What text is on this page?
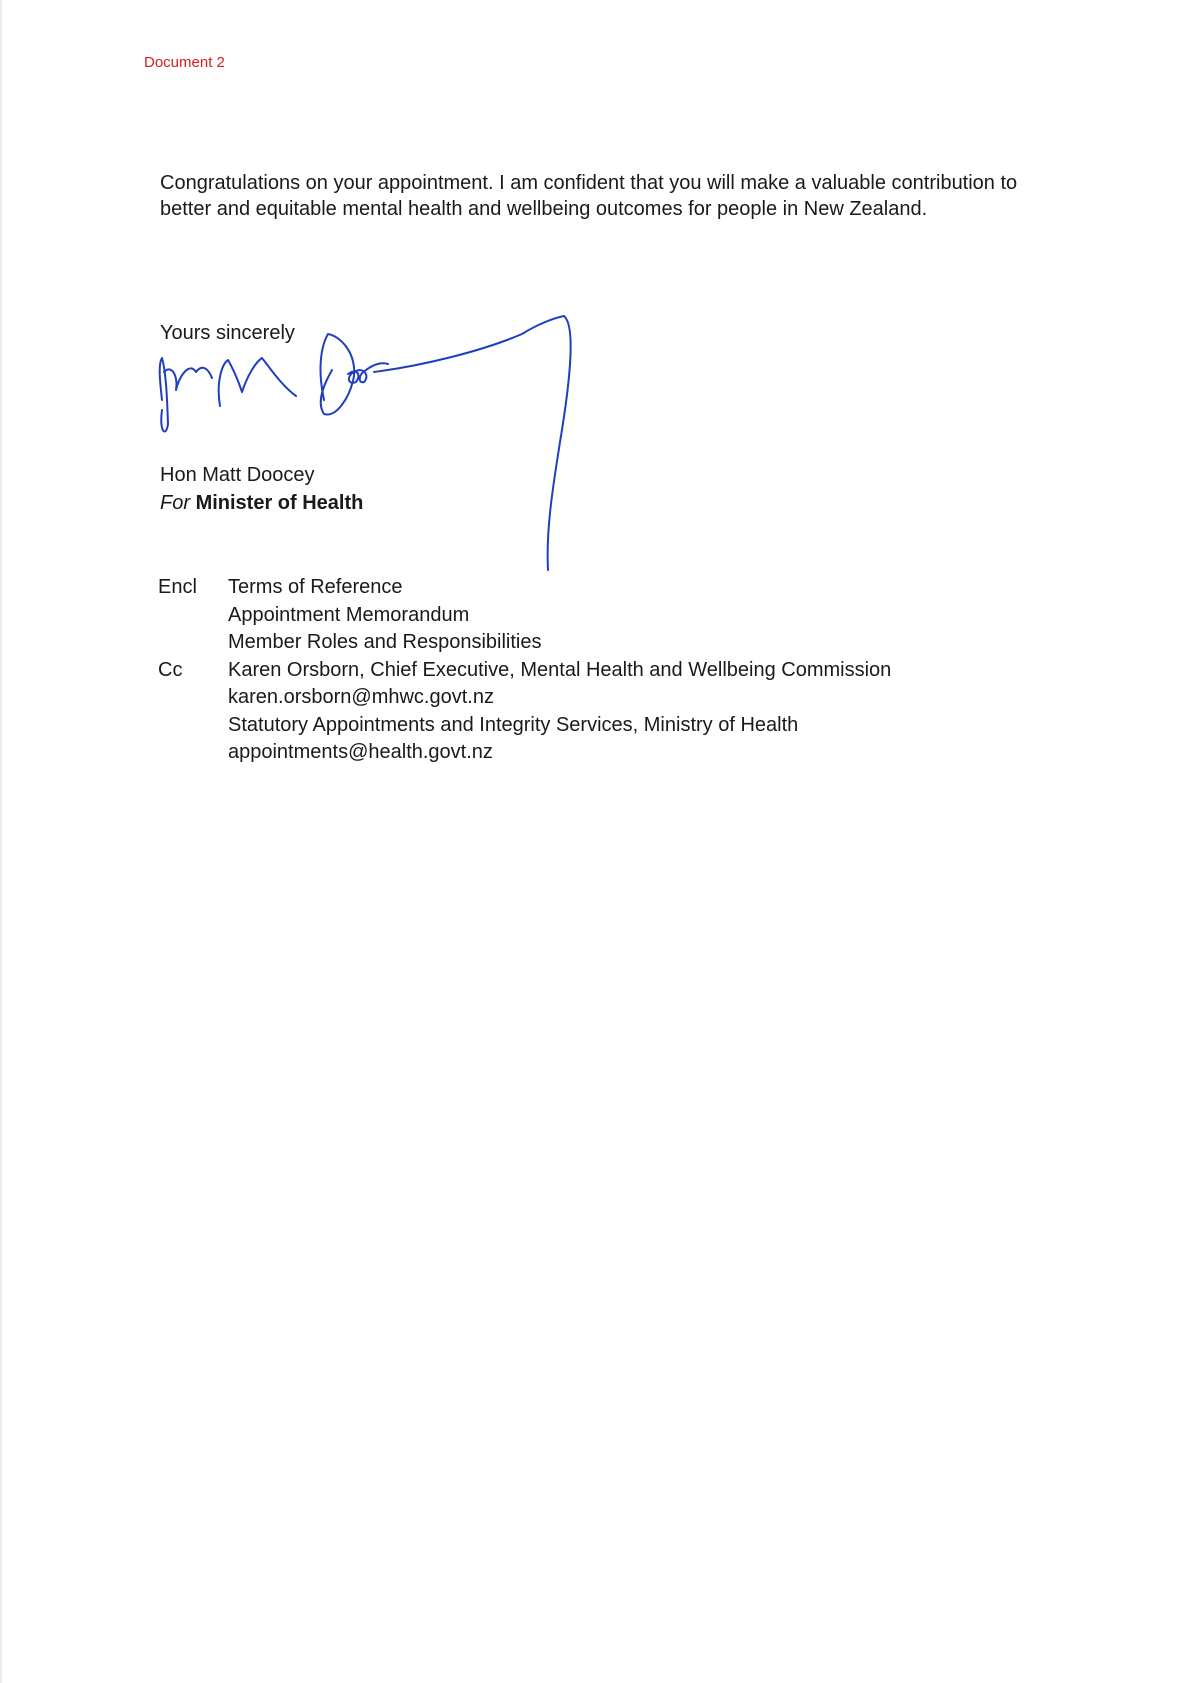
Document 2
Congratulations on your appointment. I am confident that you will make a valuable contribution to better and equitable mental health and wellbeing outcomes for people in New Zealand.
Yours sincerely
Hon Matt Doocey
For Minister of Health
Encl	Terms of Reference
Appointment Memorandum
Member Roles and Responsibilities
Cc	Karen Orsborn, Chief Executive, Mental Health and Wellbeing Commission
karen.orsborn@mhwc.govt.nz
Statutory Appointments and Integrity Services, Ministry of Health
appointments@health.govt.nz
